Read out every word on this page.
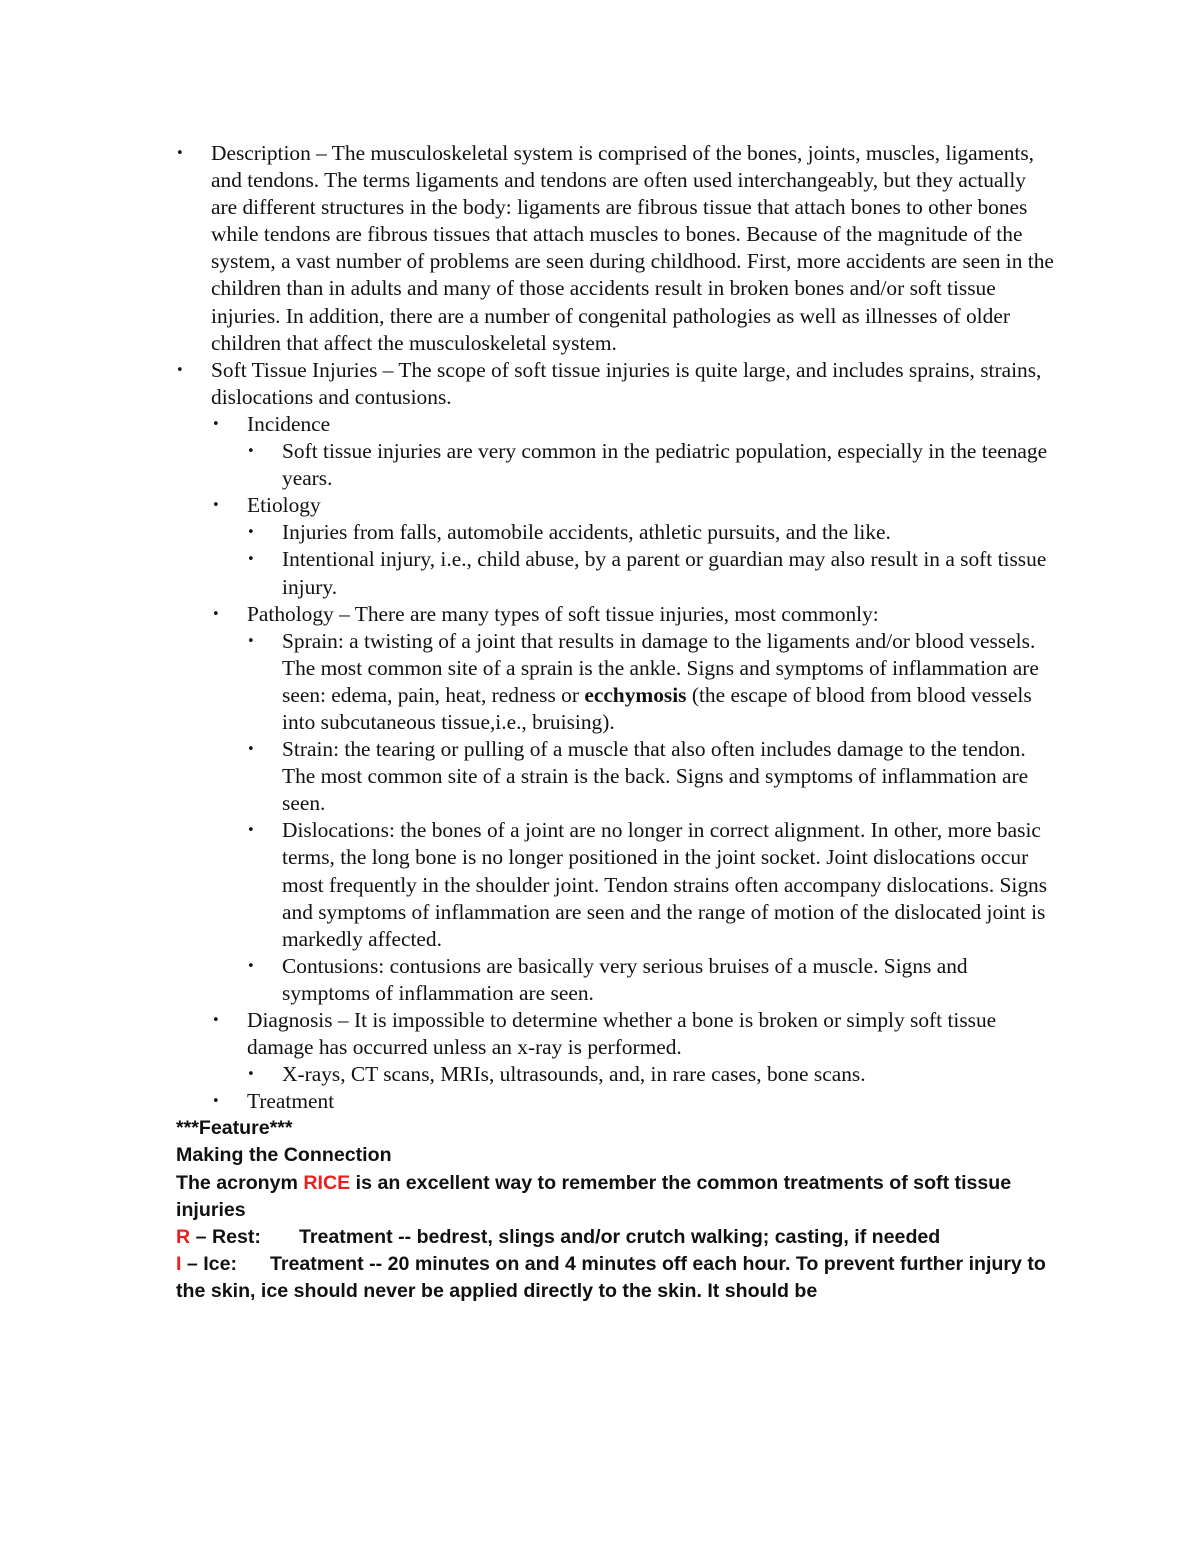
• Description – The musculoskeletal system is comprised of the bones, joints, muscles, ligaments, and tendons. The terms ligaments and tendons are often used interchangeably, but they actually are different structures in the body: ligaments are fibrous tissue that attach bones to other bones while tendons are fibrous tissues that attach muscles to bones. Because of the magnitude of the system, a vast number of problems are seen during childhood. First, more accidents are seen in the children than in adults and many of those accidents result in broken bones and/or soft tissue injuries. In addition, there are a number of congenital pathologies as well as illnesses of older children that affect the musculoskeletal system.
• Soft Tissue Injuries – The scope of soft tissue injuries is quite large, and includes sprains, strains, dislocations and contusions.
• Incidence
• Soft tissue injuries are very common in the pediatric population, especially in the teenage years.
• Etiology
• Injuries from falls, automobile accidents, athletic pursuits, and the like.
• Intentional injury, i.e., child abuse, by a parent or guardian may also result in a soft tissue injury.
• Pathology – There are many types of soft tissue injuries, most commonly:
• Sprain: a twisting of a joint that results in damage to the ligaments and/or blood vessels. The most common site of a sprain is the ankle. Signs and symptoms of inflammation are seen: edema, pain, heat, redness or ecchymosis (the escape of blood from blood vessels into subcutaneous tissue,i.e., bruising).
• Strain: the tearing or pulling of a muscle that also often includes damage to the tendon. The most common site of a strain is the back. Signs and symptoms of inflammation are seen.
• Dislocations: the bones of a joint are no longer in correct alignment. In other, more basic terms, the long bone is no longer positioned in the joint socket. Joint dislocations occur most frequently in the shoulder joint. Tendon strains often accompany dislocations. Signs and symptoms of inflammation are seen and the range of motion of the dislocated joint is markedly affected.
• Contusions: contusions are basically very serious bruises of a muscle. Signs and symptoms of inflammation are seen.
• Diagnosis – It is impossible to determine whether a bone is broken or simply soft tissue damage has occurred unless an x-ray is performed.
• X-rays, CT scans, MRIs, ultrasounds, and, in rare cases, bone scans.
• Treatment
***Feature***
Making the Connection
The acronym RICE is an excellent way to remember the common treatments of soft tissue injuries
R – Rest: Treatment -- bedrest, slings and/or crutch walking; casting, if needed
I – Ice: Treatment -- 20 minutes on and 4 minutes off each hour. To prevent further injury to the skin, ice should never be applied directly to the skin. It should be
